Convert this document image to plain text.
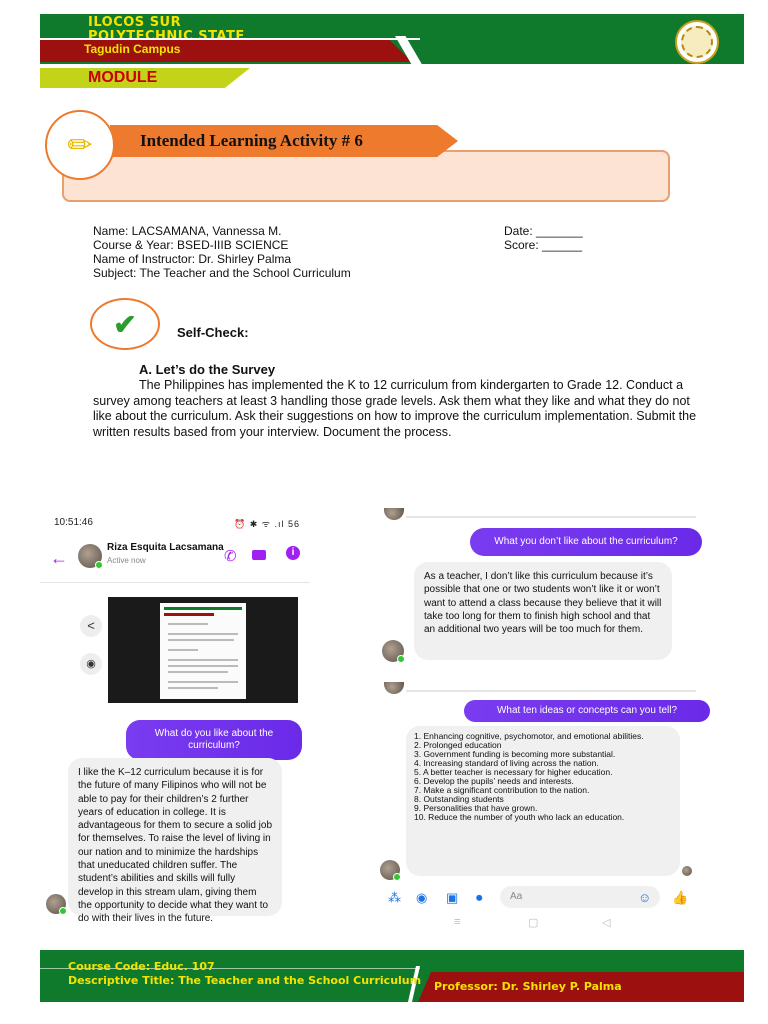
ILOCOS SUR
Tagudin Campus
MODULE
Intended Learning Activity # 6
✏
Name: LACSAMANA, Vannessa M.
Course & Year: BSED-IIIB SCIENCE
Name of Instructor: Dr. Shirley Palma
Subject: The Teacher and the School Curriculum
Date: _______
Score: ______
✔	Self-Check:
A. Let’s do the Survey
The Philippines has implemented the K to 12 curriculum from kindergarten to Grade 12. Conduct a survey among teachers at least 3 handling those grade levels. Ask them what they like and what they do not like about the curriculum. Ask their suggestions on how to improve the curriculum implementation. Submit the written results based from your interview. Document the process.
10:51:46	⏰ ✱ ᯤ .ıl 56
←
Riza Esquita Lacsamana
Active now	✆	i
<
◉
What do you like about the curriculum?
I like the K–12 curriculum because it is for the future of many Filipinos who will not be able to pay for their children’s 2 further years of education in college. It is advantageous for them to secure a solid job for themselves. To raise the level of living in our nation and to minimize the hardships that uneducated children suffer. The student’s abilities and skills will fully develop in this stream ulam, giving them the opportunity to decide what they want to do with their lives in the future.
What you don’t like about the curriculum?
As a teacher, I don’t like this curriculum because it’s possible that one or two students won’t like it or won’t want to attend a class because they believe that it will take too long for them to finish high school and that an additional two years will be too much for them.
What ten ideas or concepts can you tell?
1. Enhancing cognitive, psychomotor, and emotional abilities.
2. Prolonged education
3. Government funding is becoming more substantial.
4. Increasing standard of living across the nation.
5. A better teacher is necessary for higher education.
6. Develop the pupils’ needs and interests.
7. Make a significant contribution to the nation.
8. Outstanding students
9. Personalities that have grown.
10. Reduce the number of youth who lack an education.
⁂ ◉ ▣ ⏺	Aa	☺ 👍
≡	▢	◁
Course Code: Educ. 107
Descriptive Title: The Teacher and the School Curriculum Professor: Dr. Shirley P. Palma
